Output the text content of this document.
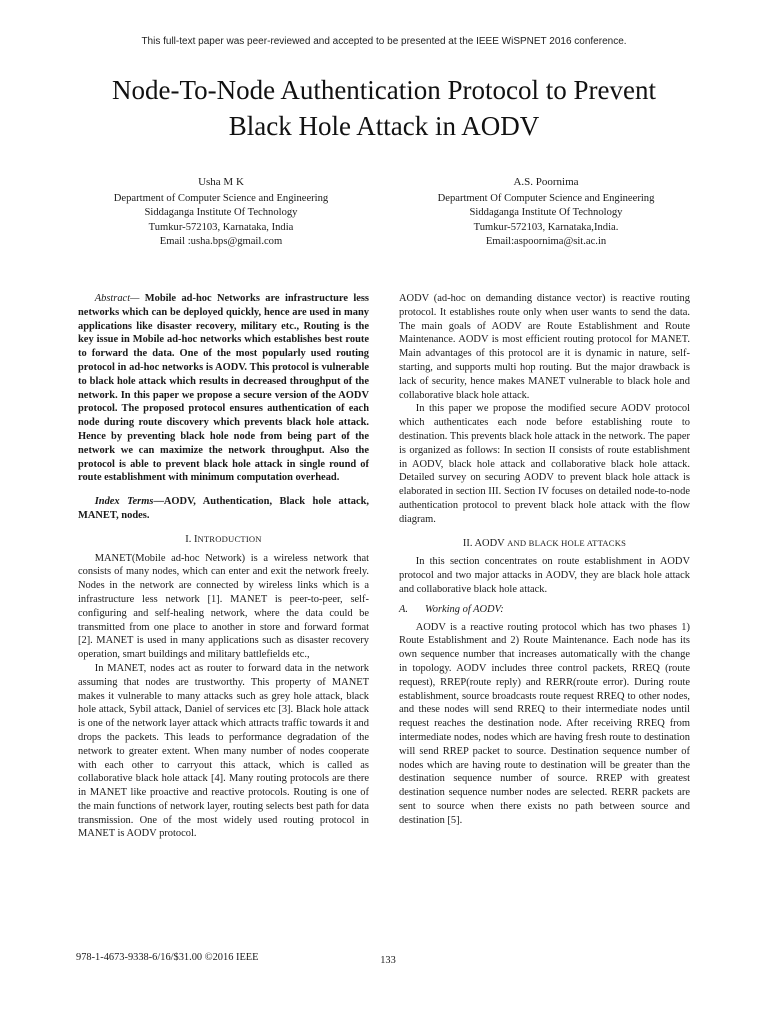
This full-text paper was peer-reviewed and accepted to be presented at the IEEE WiSPNET 2016 conference.
Node-To-Node Authentication Protocol to Prevent
Black Hole Attack in AODV
Usha M K
Department of Computer Science and Engineering
Siddaganga Institute Of Technology
Tumkur-572103, Karnataka, India
Email :usha.bps@gmail.com
A.S. Poornima
Department Of Computer Science and Engineering
Siddaganga Institute Of Technology
Tumkur-572103, Karnataka,India.
Email:aspoornima@sit.ac.in

Abstract— Mobile ad-hoc Networks are infrastructure less networks which can be deployed quickly, hence are used in many applications like disaster recovery, military etc., Routing is the key issue in Mobile ad-hoc networks which establishes best route to forward the data. One of the most popularly used routing protocol in ad-hoc networks is AODV. This protocol is vulnerable to black hole attack which results in decreased throughput of the network. In this paper we propose a secure version of the AODV protocol. The proposed protocol ensures authentication of each node during route discovery which prevents black hole attack. Hence by preventing black hole node from being part of the network we can maximize the network throughput. Also the protocol is able to prevent black hole attack in single round of route establishment with minimum computation overhead.

Index Terms—AODV, Authentication, Black hole attack, MANET, nodes.

I. INTRODUCTION

MANET(Mobile ad-hoc Network) is a wireless network that consists of many nodes, which can enter and exit the network freely. Nodes in the network are connected by wireless links which is a infrastructure less network [1]. MANET is peer-to-peer, self-configuring and self-healing network, where the data could be transmitted from one place to another in store and forward format [2]. MANET is used in many applications such as disaster recovery operation, smart buildings and military battlefields etc.,

In MANET, nodes act as router to forward data in the network assuming that nodes are trustworthy. This property of MANET makes it vulnerable to many attacks such as grey hole attack, black hole attack, Sybil attack, Daniel of services etc [3]. Black hole attack is one of the network layer attack which attracts traffic towards it and drops the packets. This leads to performance degradation of the network to greater extent. When many number of nodes cooperate with each other to carryout this attack, which is called as collaborative black hole attack [4]. Many routing protocols are there in MANET like proactive and reactive protocols. Routing is one of the main functions of network layer, routing selects best path for data transmission. One of the most widely used routing protocol in MANET is AODV protocol.

AODV (ad-hoc on demanding distance vector) is reactive routing protocol. It establishes route only when user wants to send the data. The main goals of AODV are Route Establishment and Route Maintenance. AODV is most efficient routing protocol for MANET. Main advantages of this protocol are it is dynamic in nature, self-starting, and supports multi hop routing. But the major drawback is lack of security, hence makes MANET vulnerable to black hole and collaborative black hole attack.

In this paper we propose the modified secure AODV protocol which authenticates each node before establishing route to destination. This prevents black hole attack in the network. The paper is organized as follows: In section II consists of route establishment in AODV, black hole attack and collaborative black hole attack. Detailed survey on securing AODV to prevent black hole attack is elaborated in section III. Section IV focuses on detailed node-to-node authentication protocol to prevent black hole attack with the flow diagram.

II. AODV AND BLACK HOLE ATTACKS

In this section concentrates on route establishment in AODV protocol and two major attacks in AODV, they are black hole attack and collaborative black hole attack.

A. Working of AODV:

AODV is a reactive routing protocol which has two phases 1) Route Establishment and 2) Route Maintenance. Each node has its own sequence number that increases automatically with the change in topology. AODV includes three control packets, RREQ (route request), RREP(route reply) and RERR(route error). During route establishment, source broadcasts route request RREQ to other nodes, and these nodes will send RREQ to their intermediate nodes until request reaches the destination node. After receiving RREQ from intermediate nodes, nodes which are having fresh route to destination will send RREP packet to source. Destination sequence number of nodes which are having route to destination will be greater than the destination sequence number of source. RREP with greatest destination sequence number nodes are selected. RERR packets are sent to source when there exists no path between source and destination [5].

978-1-4673-9338-6/16/$31.00 ©2016 IEEE	133
